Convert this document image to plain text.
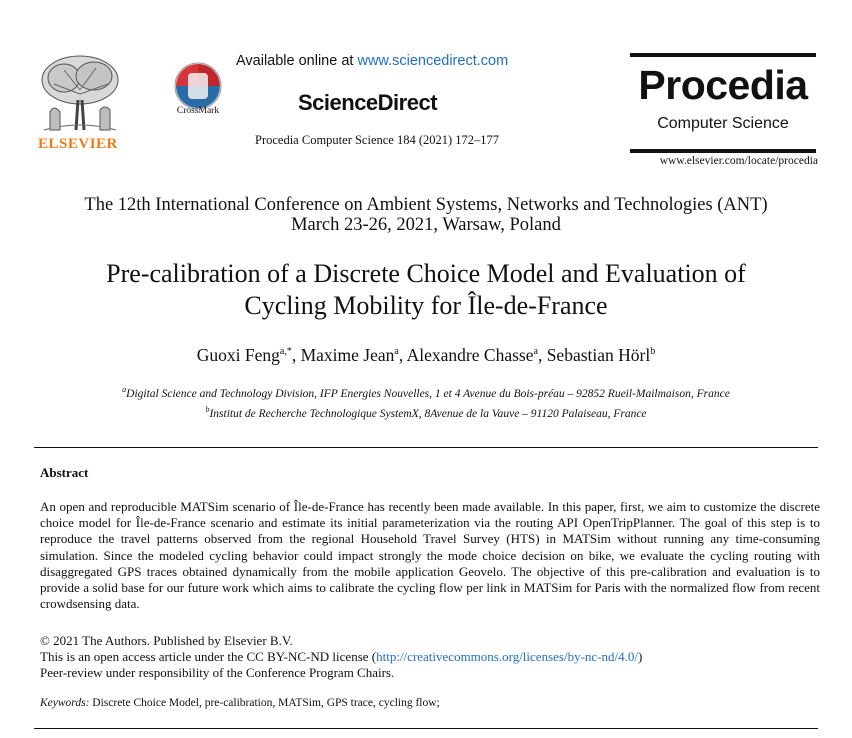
ELSEVIER
CrossMark
Available online at www.sciencedirect.com
ScienceDirect
Procedia Computer Science 184 (2021) 172–177
Procedia
Computer Science
www.elsevier.com/locate/procedia
The 12th International Conference on Ambient Systems, Networks and Technologies (ANT)
March 23-26, 2021, Warsaw, Poland
Pre-calibration of a Discrete Choice Model and Evaluation of
Cycling Mobility for Île-de-France
Guoxi Feng$^{a,*}$, Maxime Jean$^a$, Alexandre Chasse$^a$, Sebastian Hörl$^b$
$^a$Digital Science and Technology Division, IFP Energies Nouvelles, 1 et 4 Avenue du Bois-préau – 92852 Rueil-Mailmaison, France
$^b$Institut de Recherche Technologique SystemX, 8Avenue de la Vauve – 91120 Palaiseau, France
Abstract
An open and reproducible MATSim scenario of Île-de-France has recently been made available. In this paper, first, we aim to customize the discrete choice model for Île-de-France scenario and estimate its initial parameterization via the routing API OpenTripPlanner. The goal of this step is to reproduce the travel patterns observed from the regional Household Travel Survey (HTS) in MATSim without running any time-consuming simulation. Since the modeled cycling behavior could impact strongly the mode choice decision on bike, we evaluate the cycling routing with disaggregated GPS traces obtained dynamically from the mobile application Geovelo. The objective of this pre-calibration and evaluation is to provide a solid base for our future work which aims to calibrate the cycling flow per link in MATSim for Paris with the normalized flow from recent crowdsensing data.
© 2021 The Authors. Published by Elsevier B.V.
This is an open access article under the CC BY-NC-ND license (http://creativecommons.org/licenses/by-nc-nd/4.0/)
Peer-review under responsibility of the Conference Program Chairs.
Keywords: Discrete Choice Model, pre-calibration, MATSim, GPS trace, cycling flow;
